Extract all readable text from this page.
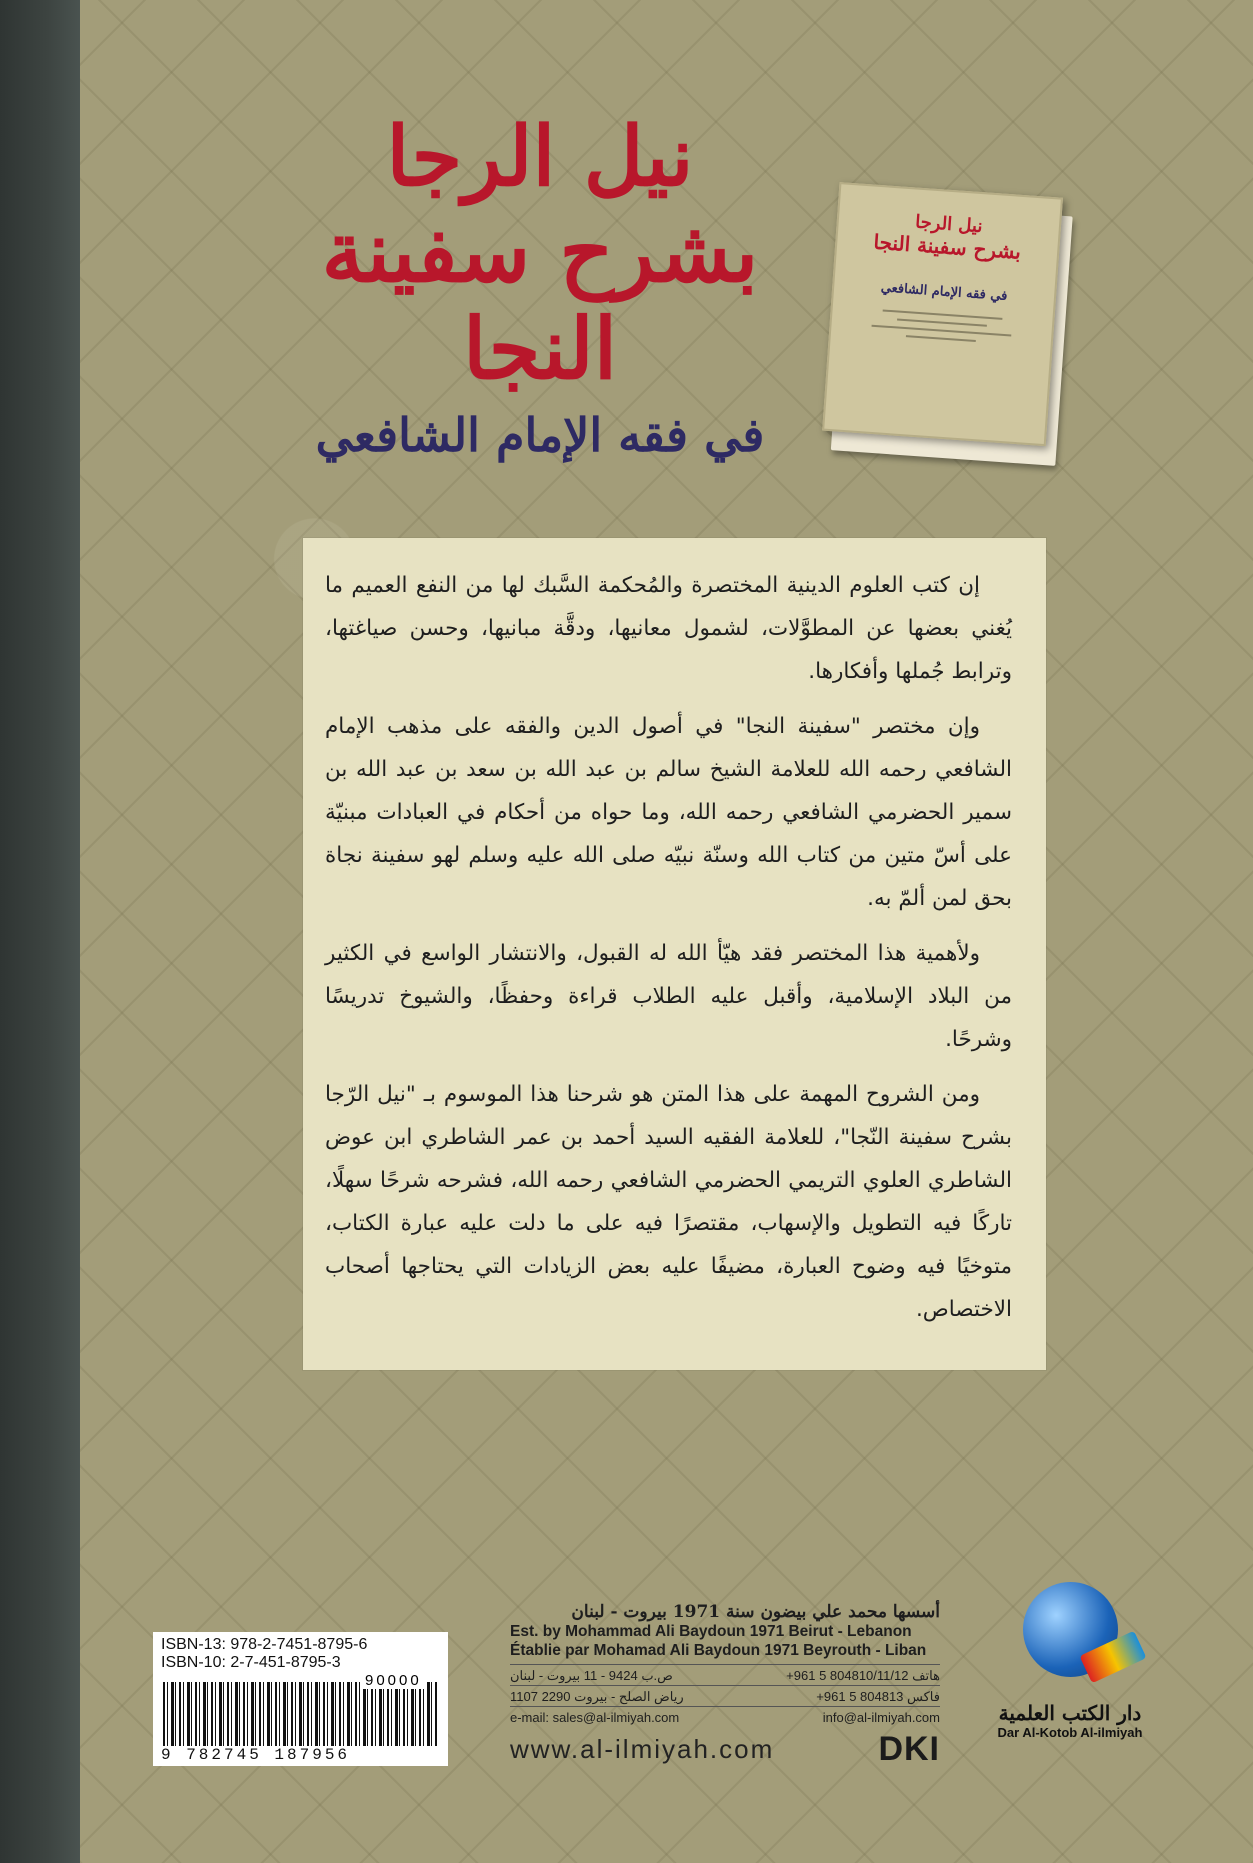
نيل الرجا
بشرح سفينة النجا
في فقه الإمام الشافعي
نيل الرجا
بشرح سفينة النجا
في فقه الإمام الشافعي

إن كتب العلوم الدينية المختصرة والمُحكمة السَّبك لها من النفع العميم ما يُغني بعضها عن المطوَّلات، لشمول معانيها، ودقَّة مبانيها، وحسن صياغتها، وترابط جُملها وأفكارها.

وإن مختصر "سفينة النجا" في أصول الدين والفقه على مذهب الإمام الشافعي رحمه الله للعلامة الشيخ سالم بن عبد الله بن سعد بن عبد الله بن سمير الحضرمي الشافعي رحمه الله، وما حواه من أحكام في العبادات مبنيّة على أسّ متين من كتاب الله وسنّة نبيّه صلى الله عليه وسلم لهو سفينة نجاة بحق لمن ألمّ به.

ولأهمية هذا المختصر فقد هيّأ الله له القبول، والانتشار الواسع في الكثير من البلاد الإسلامية، وأقبل عليه الطلاب قراءة وحفظًا، والشيوخ تدريسًا وشرحًا.

ومن الشروح المهمة على هذا المتن هو شرحنا هذا الموسوم بـ "نيل الرّجا بشرح سفينة النّجا"، للعلامة الفقيه السيد أحمد بن عمر الشاطري ابن عوض الشاطري العلوي التريمي الحضرمي الشافعي رحمه الله، فشرحه شرحًا سهلًا، تاركًا فيه التطويل والإسهاب، مقتصرًا فيه على ما دلت عليه عبارة الكتاب، متوخيًا فيه وضوح العبارة، مضيفًا عليه بعض الزيادات التي يحتاجها أصحاب الاختصاص.

ISBN-13: 978-2-7451-8795-6
ISBN-10: 2-7-451-8795-3
90000
9 782745 187956
أسسها محمد علي بيضون سنة 1971 بيروت - لبنان
Est. by Mohammad Ali Baydoun 1971 Beirut - Lebanon
Établie par Mohamad Ali Baydoun 1971 Beyrouth - Liban
ص.ب 9424 - 11 بيروت - لبنان	+961 5 804810/11/12 هاتف
1107 2290 رياض الصلح - بيروت	+961 5 804813 فاكس
e-mail: sales@al-ilmiyah.com	info@al-ilmiyah.com
www.al-ilmiyah.com	DKI
دار الكتب العلمية
Dar Al-Kotob Al-ilmiyah
